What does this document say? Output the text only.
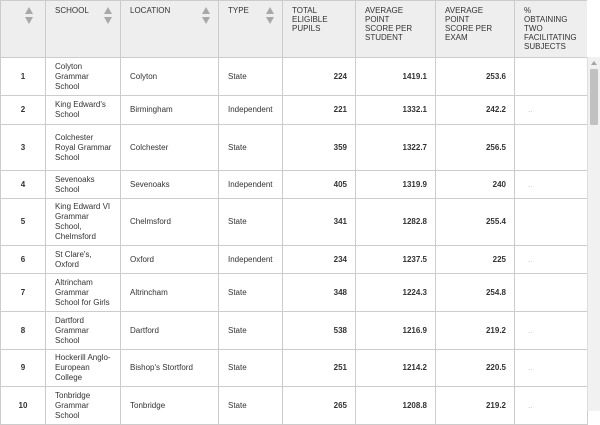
	SCHOOL	LOCATION	TYPE	TOTAL ELIGIBLE PUPILS	AVERAGE POINT SCORE PER STUDENT	AVERAGE POINT SCORE PER EXAM	% OBTAINING TWO FACILITATING SUBJECTS

1	Colyton Grammar School	Colyton	State	224	1419.1	253.6	
2	King Edward's School	Birmingham	Independent	221	1332.1	242.2	..
3	Colchester Royal Grammar School	Colchester	State	359	1322.7	256.5	
4	Sevenoaks School	Sevenoaks	Independent	405	1319.9	240	..
5	King Edward VI Grammar School, Chelmsford	Chelmsford	State	341	1282.8	255.4	
6	St Clare's, Oxford	Oxford	Independent	234	1237.5	225	..
7	Altrincham Grammar School for Girls	Altrincham	State	348	1224.3	254.8	
8	Dartford Grammar School	Dartford	State	538	1216.9	219.2	..
9	Hockerill Anglo-European College	Bishop's Stortford	State	251	1214.2	220.5	..
10	Tonbridge Grammar School	Tonbridge	State	265	1208.8	219.2	..
